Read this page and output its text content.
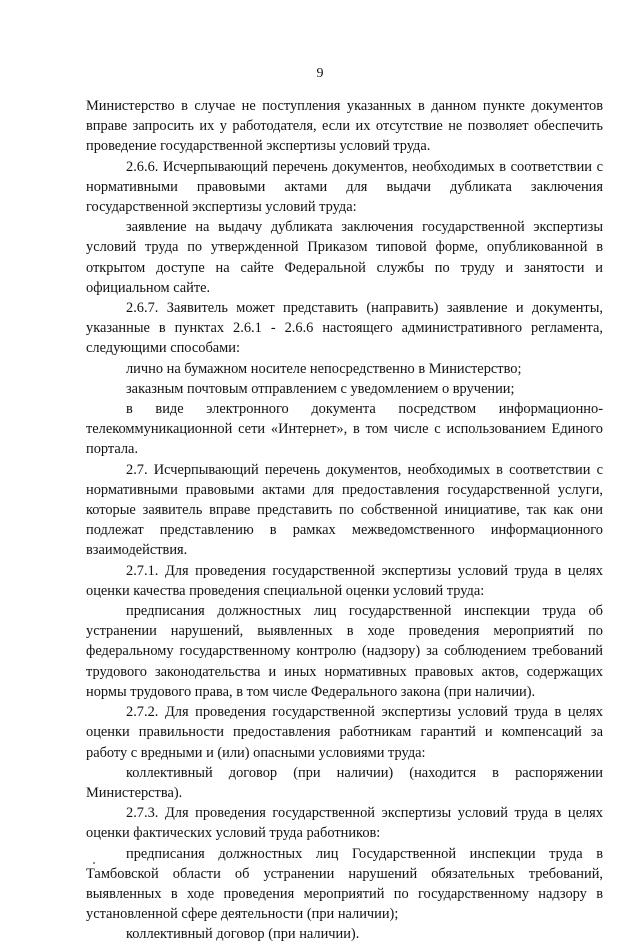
9

Министерство в случае не поступления указанных в данном пункте документов вправе запросить их у работодателя, если их отсутствие не позволяет обеспечить проведение государственной экспертизы условий труда.

2.6.6. Исчерпывающий перечень документов, необходимых в соответствии с нормативными правовыми актами для выдачи дубликата заключения государственной экспертизы условий труда:

заявление на выдачу дубликата заключения государственной экспертизы условий труда по утвержденной Приказом типовой форме, опубликованной в открытом доступе на сайте Федеральной службы по труду и занятости и официальном сайте.

2.6.7. Заявитель может представить (направить) заявление и документы, указанные в пунктах 2.6.1 - 2.6.6 настоящего административного регламента, следующими способами:

лично на бумажном носителе непосредственно в Министерство;

заказным почтовым отправлением с уведомлением о вручении;

в виде электронного документа посредством информационно-телекоммуникационной сети «Интернет», в том числе с использованием Единого портала.

2.7. Исчерпывающий перечень документов, необходимых в соответствии с нормативными правовыми актами для предоставления государственной услуги, которые заявитель вправе представить по собственной инициативе, так как они подлежат представлению в рамках межведомственного информационного взаимодействия.

2.7.1. Для проведения государственной экспертизы условий труда в целях оценки качества проведения специальной оценки условий труда:

предписания должностных лиц государственной инспекции труда об устранении нарушений, выявленных в ходе проведения мероприятий по федеральному государственному контролю (надзору) за соблюдением требований трудового законодательства и иных нормативных правовых актов, содержащих нормы трудового права, в том числе Федерального закона (при наличии).

2.7.2. Для проведения государственной экспертизы условий труда в целях оценки правильности предоставления работникам гарантий и компенсаций за работу с вредными и (или) опасными условиями труда:

коллективный договор (при наличии) (находится в распоряжении Министерства).

2.7.3. Для проведения государственной экспертизы условий труда в целях оценки фактических условий труда работников:

предписания должностных лиц Государственной инспекции труда в Тамбовской области об устранении нарушений обязательных требований, выявленных в ходе проведения мероприятий по государственному надзору в установленной сфере деятельности (при наличии);

коллективный договор (при наличии).
